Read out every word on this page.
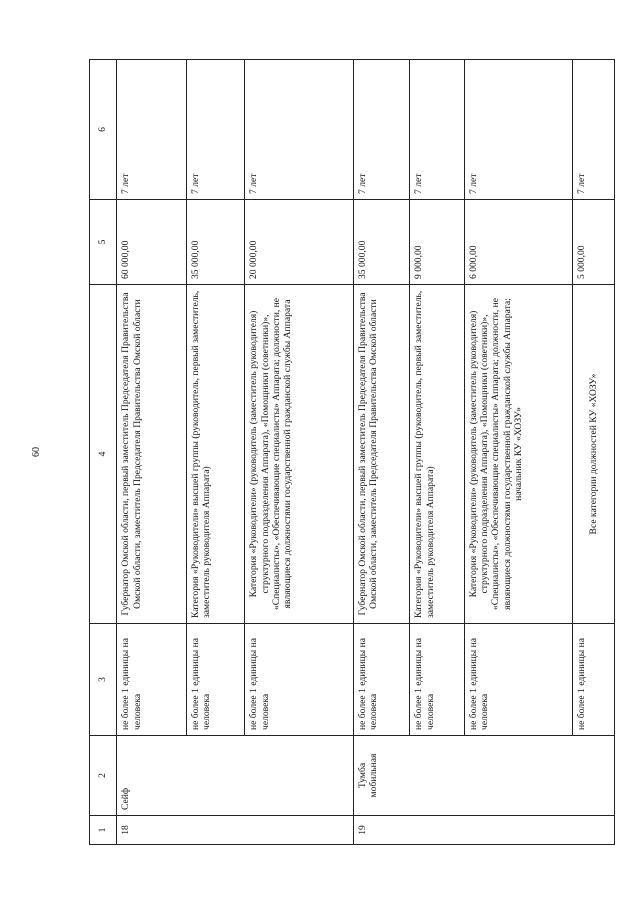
60
1	2	3	4	5	6
18	Сейф	не более 1 единицы на человека	Губернатор Омской области, первый заместитель Председателя Правительства Омской области, заместитель Председателя Правительства Омской области	60 000,00	7 лет
		не более 1 единицы на человека	Категория «Руководители» высшей группы (руководитель, первый заместитель, заместитель руководителя Аппарата)	35 000,00	7 лет
		не более 1 единицы на человека	Категория «Руководители» (руководитель (заместитель руководителя) структурного подразделения Аппарата), «Помощники (советники)», «Специалисты», «Обеспечивающие специалисты» Аппарата; должности, не являющиеся должностями государственной гражданской службы Аппарата	20 000,00	7 лет
19	Тумба мобильная	не более 1 единицы на человека	Губернатор Омской области, первый заместитель Председателя Правительства Омской области, заместитель Председателя Правительства Омской области	35 000,00	7 лет
		не более 1 единицы на человека	Категория «Руководители» высшей группы (руководитель, первый заместитель, заместитель руководителя Аппарата)	9 000,00	7 лет
		не более 1 единицы на человека	Категория «Руководители» (руководитель (заместитель руководителя) структурного подразделения Аппарата), «Помощники (советники)», «Специалисты», «Обеспечивающие специалисты» Аппарата; должности, не являющиеся должностями государственной гражданской службы Аппарата; начальник КУ «ХОЗУ»	6 000,00	7 лет
		не более 1 единицы на	Все категории должностей КУ «ХОЗУ»	5 000,00	7 лет
